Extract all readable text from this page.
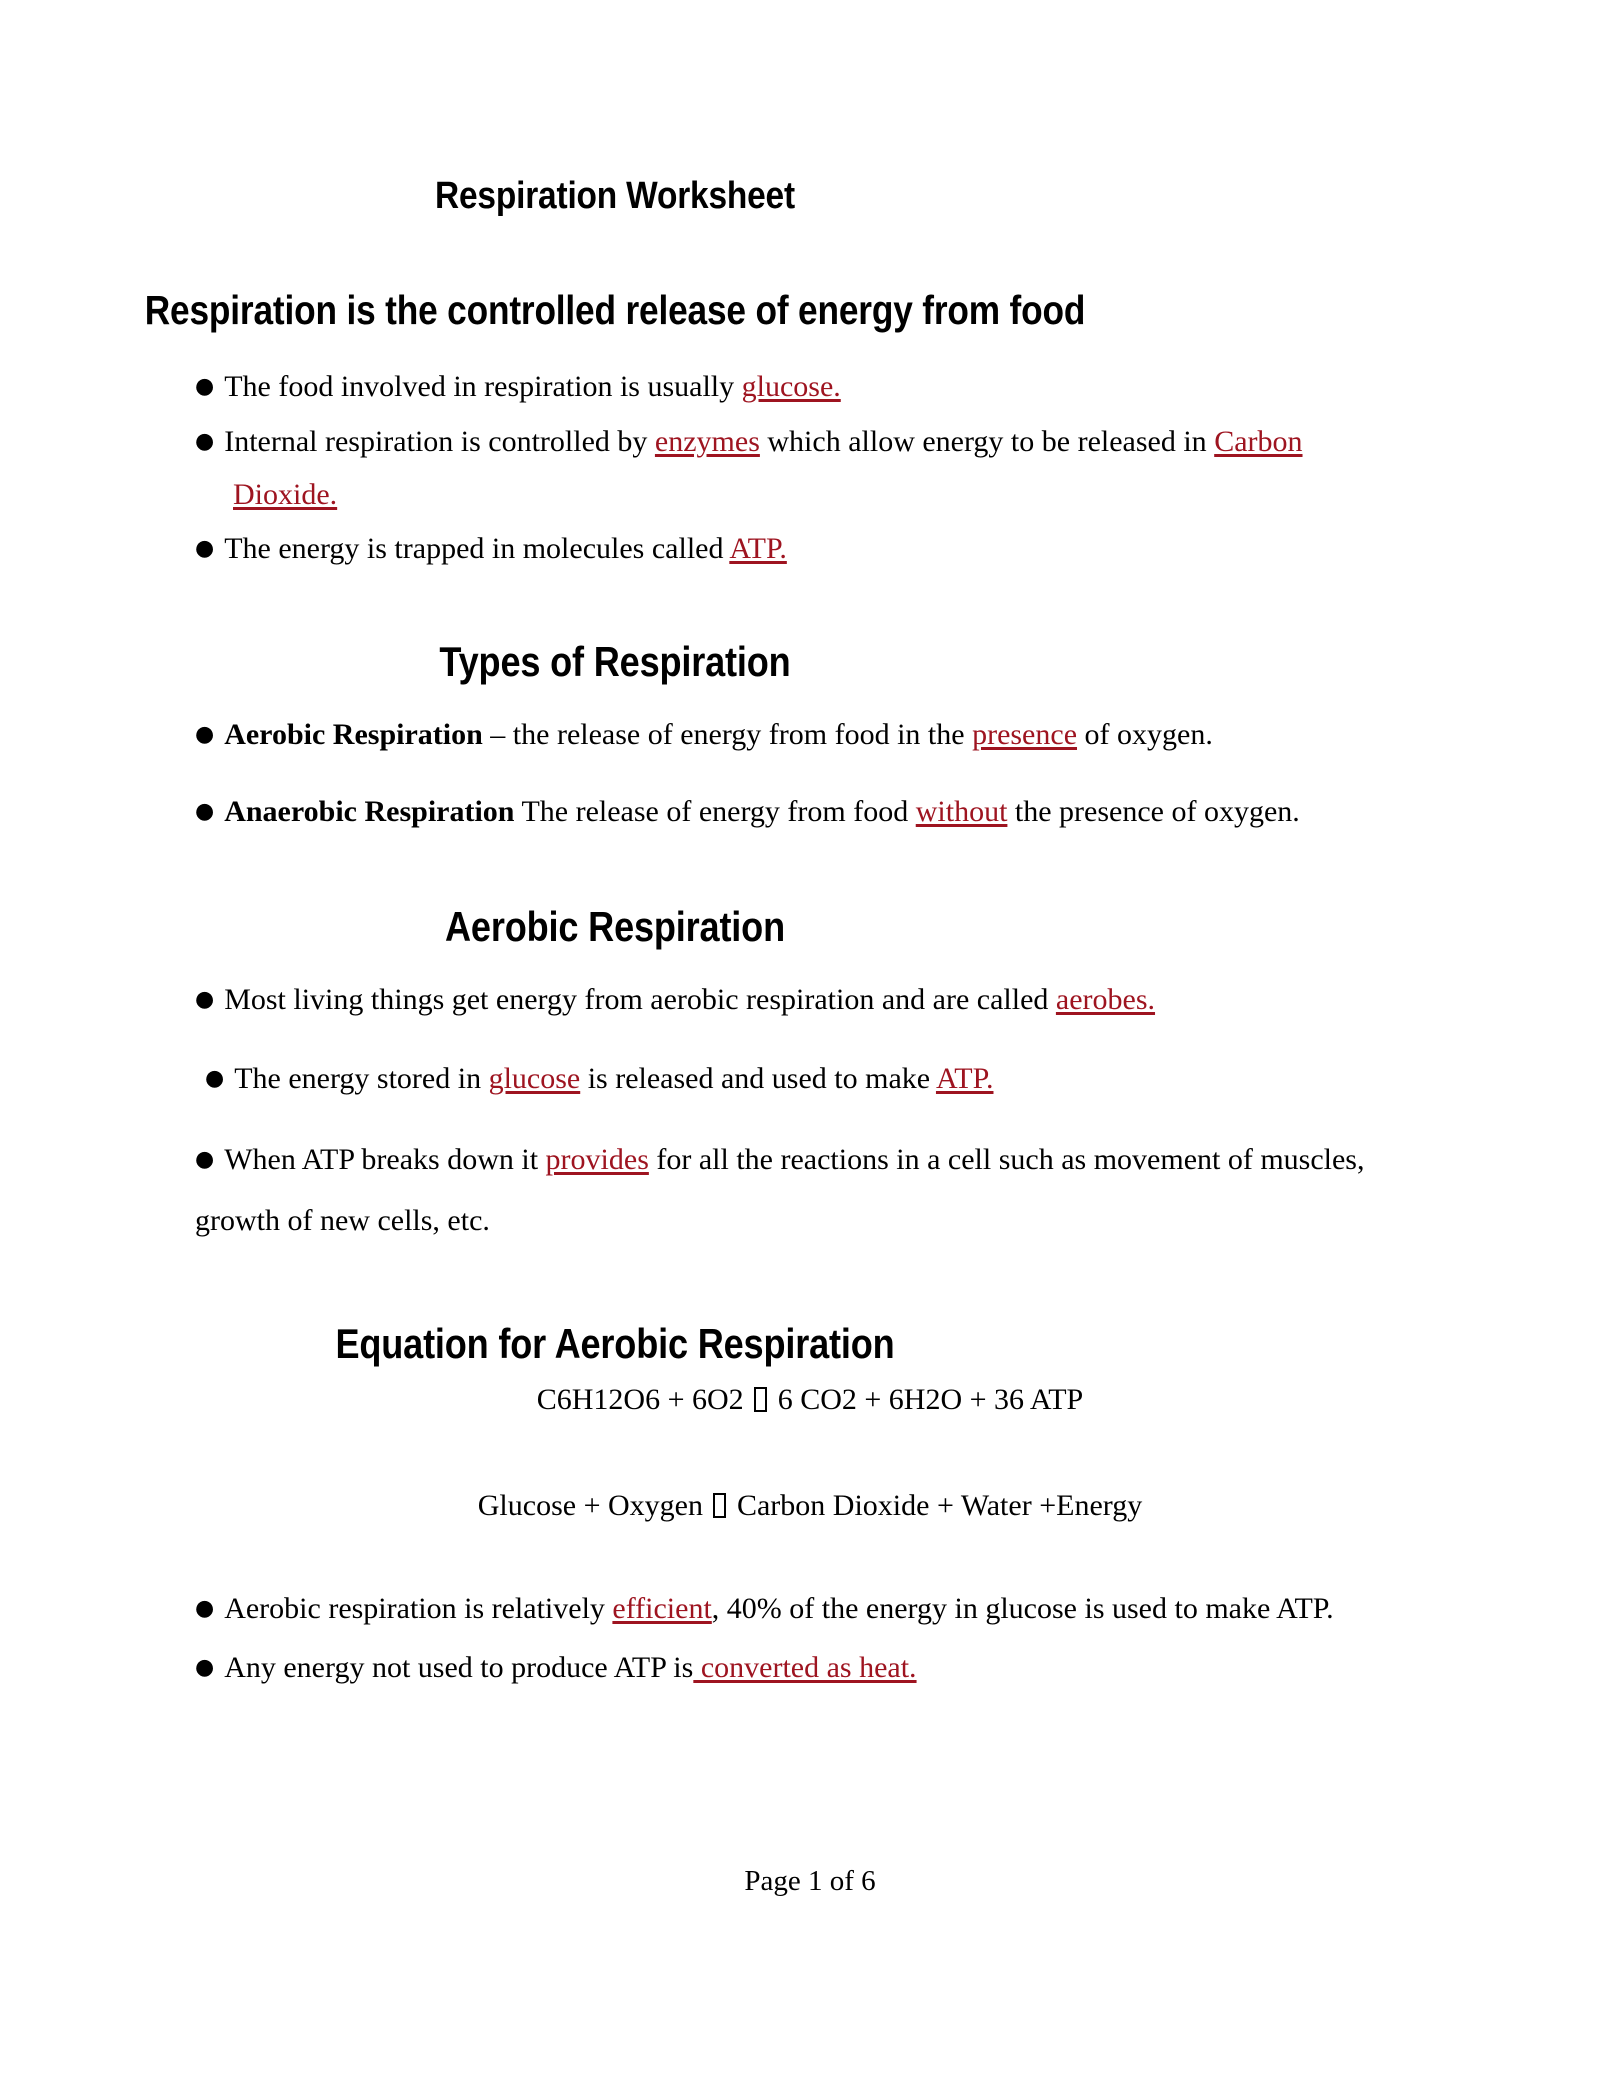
Respiration Worksheet
Respiration is the controlled release of energy from food
● The food involved in respiration is usually glucose.
● Internal respiration is controlled by enzymes which allow energy to be released in Carbon
Dioxide.
● The energy is trapped in molecules called ATP.
Types of Respiration
● Aerobic Respiration – the release of energy from food in the presence of oxygen.
● Anaerobic Respiration The release of energy from food without the presence of oxygen.
Aerobic Respiration
● Most living things get energy from aerobic respiration and are called aerobes.
● The energy stored in glucose is released and used to make ATP.
● When ATP breaks down it provides for all the reactions in a cell such as movement of muscles,
growth of new cells, etc.
Equation for Aerobic Respiration
C6H12O6 + 6O2 6 CO2 + 6H2O + 36 ATP
Glucose + Oxygen Carbon Dioxide + Water +Energy
● Aerobic respiration is relatively efficient, 40% of the energy in glucose is used to make ATP.
● Any energy not used to produce ATP is converted as heat.
Page 1 of 6
